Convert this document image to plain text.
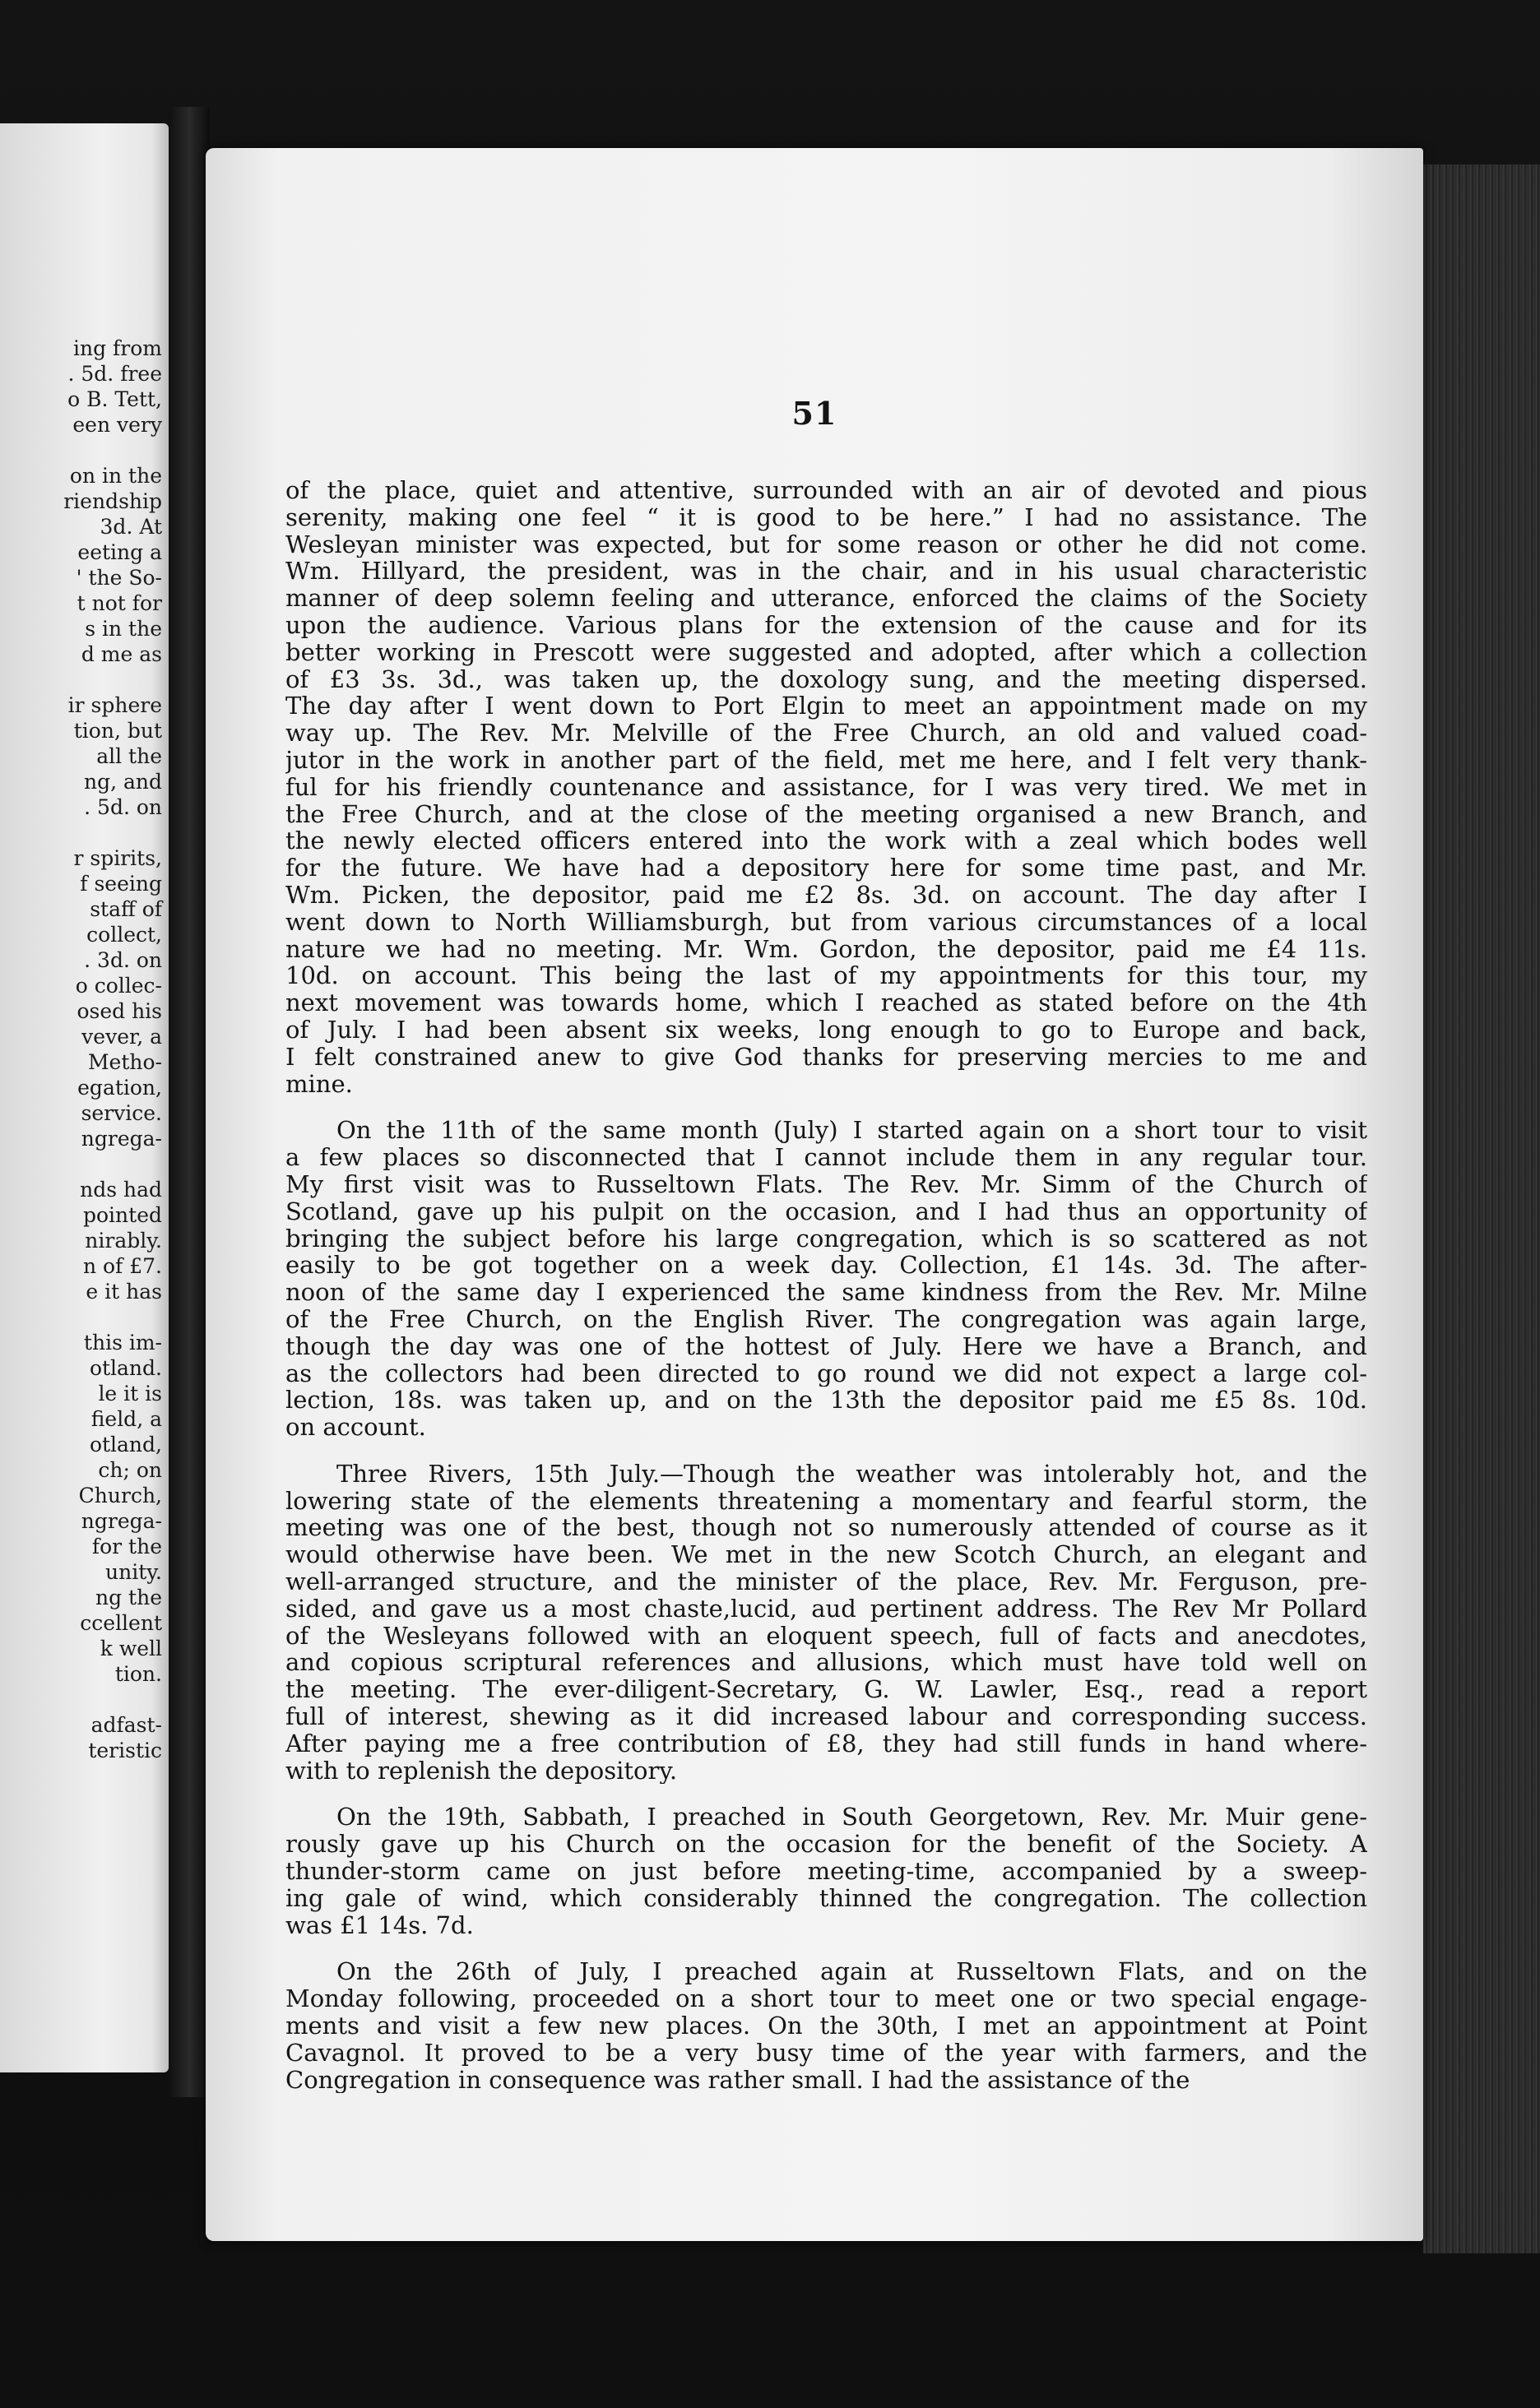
ing from
. 5d. free
o B. Tett,
een very
on in the
riendship
3d. At
eeting a
' the So-
t not for
s in the
d me as
ir sphere
tion, but
all the
ng, and
. 5d. on
r spirits,
f seeing
staff of
collect,
. 3d. on
o collec-
osed his
vever, a
Metho-
egation,
service.
ngrega-
nds had
pointed
nirably.
n of £7.
e it has
this im-
otland.
le it is
field, a
otland,
ch; on
Church,
ngrega-
for the
unity.
ng the
ccellent
k well
tion.
adfast-
teristic
51
of the place, quiet and attentive, surrounded with an air of devoted and pious
serenity, making one feel “ it is good to be here.” I had no assistance. The
Wesleyan minister was expected, but for some reason or other he did not come.
Wm. Hillyard, the president, was in the chair, and in his usual characteristic
manner of deep solemn feeling and utterance, enforced the claims of the Society
upon the audience. Various plans for the extension of the cause and for its
better working in Prescott were suggested and adopted, after which a collection
of £3 3s. 3d., was taken up, the doxology sung, and the meeting dispersed.
The day after I went down to Port Elgin to meet an appointment made on my
way up. The Rev. Mr. Melville of the Free Church, an old and valued coad-
jutor in the work in another part of the field, met me here, and I felt very thank-
ful for his friendly countenance and assistance, for I was very tired. We met in
the Free Church, and at the close of the meeting organised a new Branch, and
the newly elected officers entered into the work with a zeal which bodes well
for the future. We have had a depository here for some time past, and Mr.
Wm. Picken, the depositor, paid me £2 8s. 3d. on account. The day after I
went down to North Williamsburgh, but from various circumstances of a local
nature we had no meeting. Mr. Wm. Gordon, the depositor, paid me £4 11s.
10d. on account. This being the last of my appointments for this tour, my
next movement was towards home, which I reached as stated before on the 4th
of July. I had been absent six weeks, long enough to go to Europe and back,
I felt constrained anew to give God thanks for preserving mercies to me and
mine.
On the 11th of the same month (July) I started again on a short tour to visit
a few places so disconnected that I cannot include them in any regular tour.
My first visit was to Russeltown Flats. The Rev. Mr. Simm of the Church of
Scotland, gave up his pulpit on the occasion, and I had thus an opportunity of
bringing the subject before his large congregation, which is so scattered as not
easily to be got together on a week day. Collection, £1 14s. 3d. The after-
noon of the same day I experienced the same kindness from the Rev. Mr. Milne
of the Free Church, on the English River. The congregation was again large,
though the day was one of the hottest of July. Here we have a Branch, and
as the collectors had been directed to go round we did not expect a large col-
lection, 18s. was taken up, and on the 13th the depositor paid me £5 8s. 10d.
on account.
Three Rivers, 15th July.—Though the weather was intolerably hot, and the
lowering state of the elements threatening a momentary and fearful storm, the
meeting was one of the best, though not so numerously attended of course as it
would otherwise have been. We met in the new Scotch Church, an elegant and
well-arranged structure, and the minister of the place, Rev. Mr. Ferguson, pre-
sided, and gave us a most chaste,lucid, aud pertinent address. The Rev Mr Pollard
of the Wesleyans followed with an eloquent speech, full of facts and anecdotes,
and copious scriptural references and allusions, which must have told well on
the meeting. The ever-diligent-Secretary, G. W. Lawler, Esq., read a report
full of interest, shewing as it did increased labour and corresponding success.
After paying me a free contribution of £8, they had still funds in hand where-
with to replenish the depository.
On the 19th, Sabbath, I preached in South Georgetown, Rev. Mr. Muir gene-
rously gave up his Church on the occasion for the benefit of the Society. A
thunder-storm came on just before meeting-time, accompanied by a sweep-
ing gale of wind, which considerably thinned the congregation. The collection
was £1 14s. 7d.
On the 26th of July, I preached again at Russeltown Flats, and on the
Monday following, proceeded on a short tour to meet one or two special engage-
ments and visit a few new places. On the 30th, I met an appointment at Point
Cavagnol. It proved to be a very busy time of the year with farmers, and the
Congregation in consequence was rather small. I had the assistance of the
